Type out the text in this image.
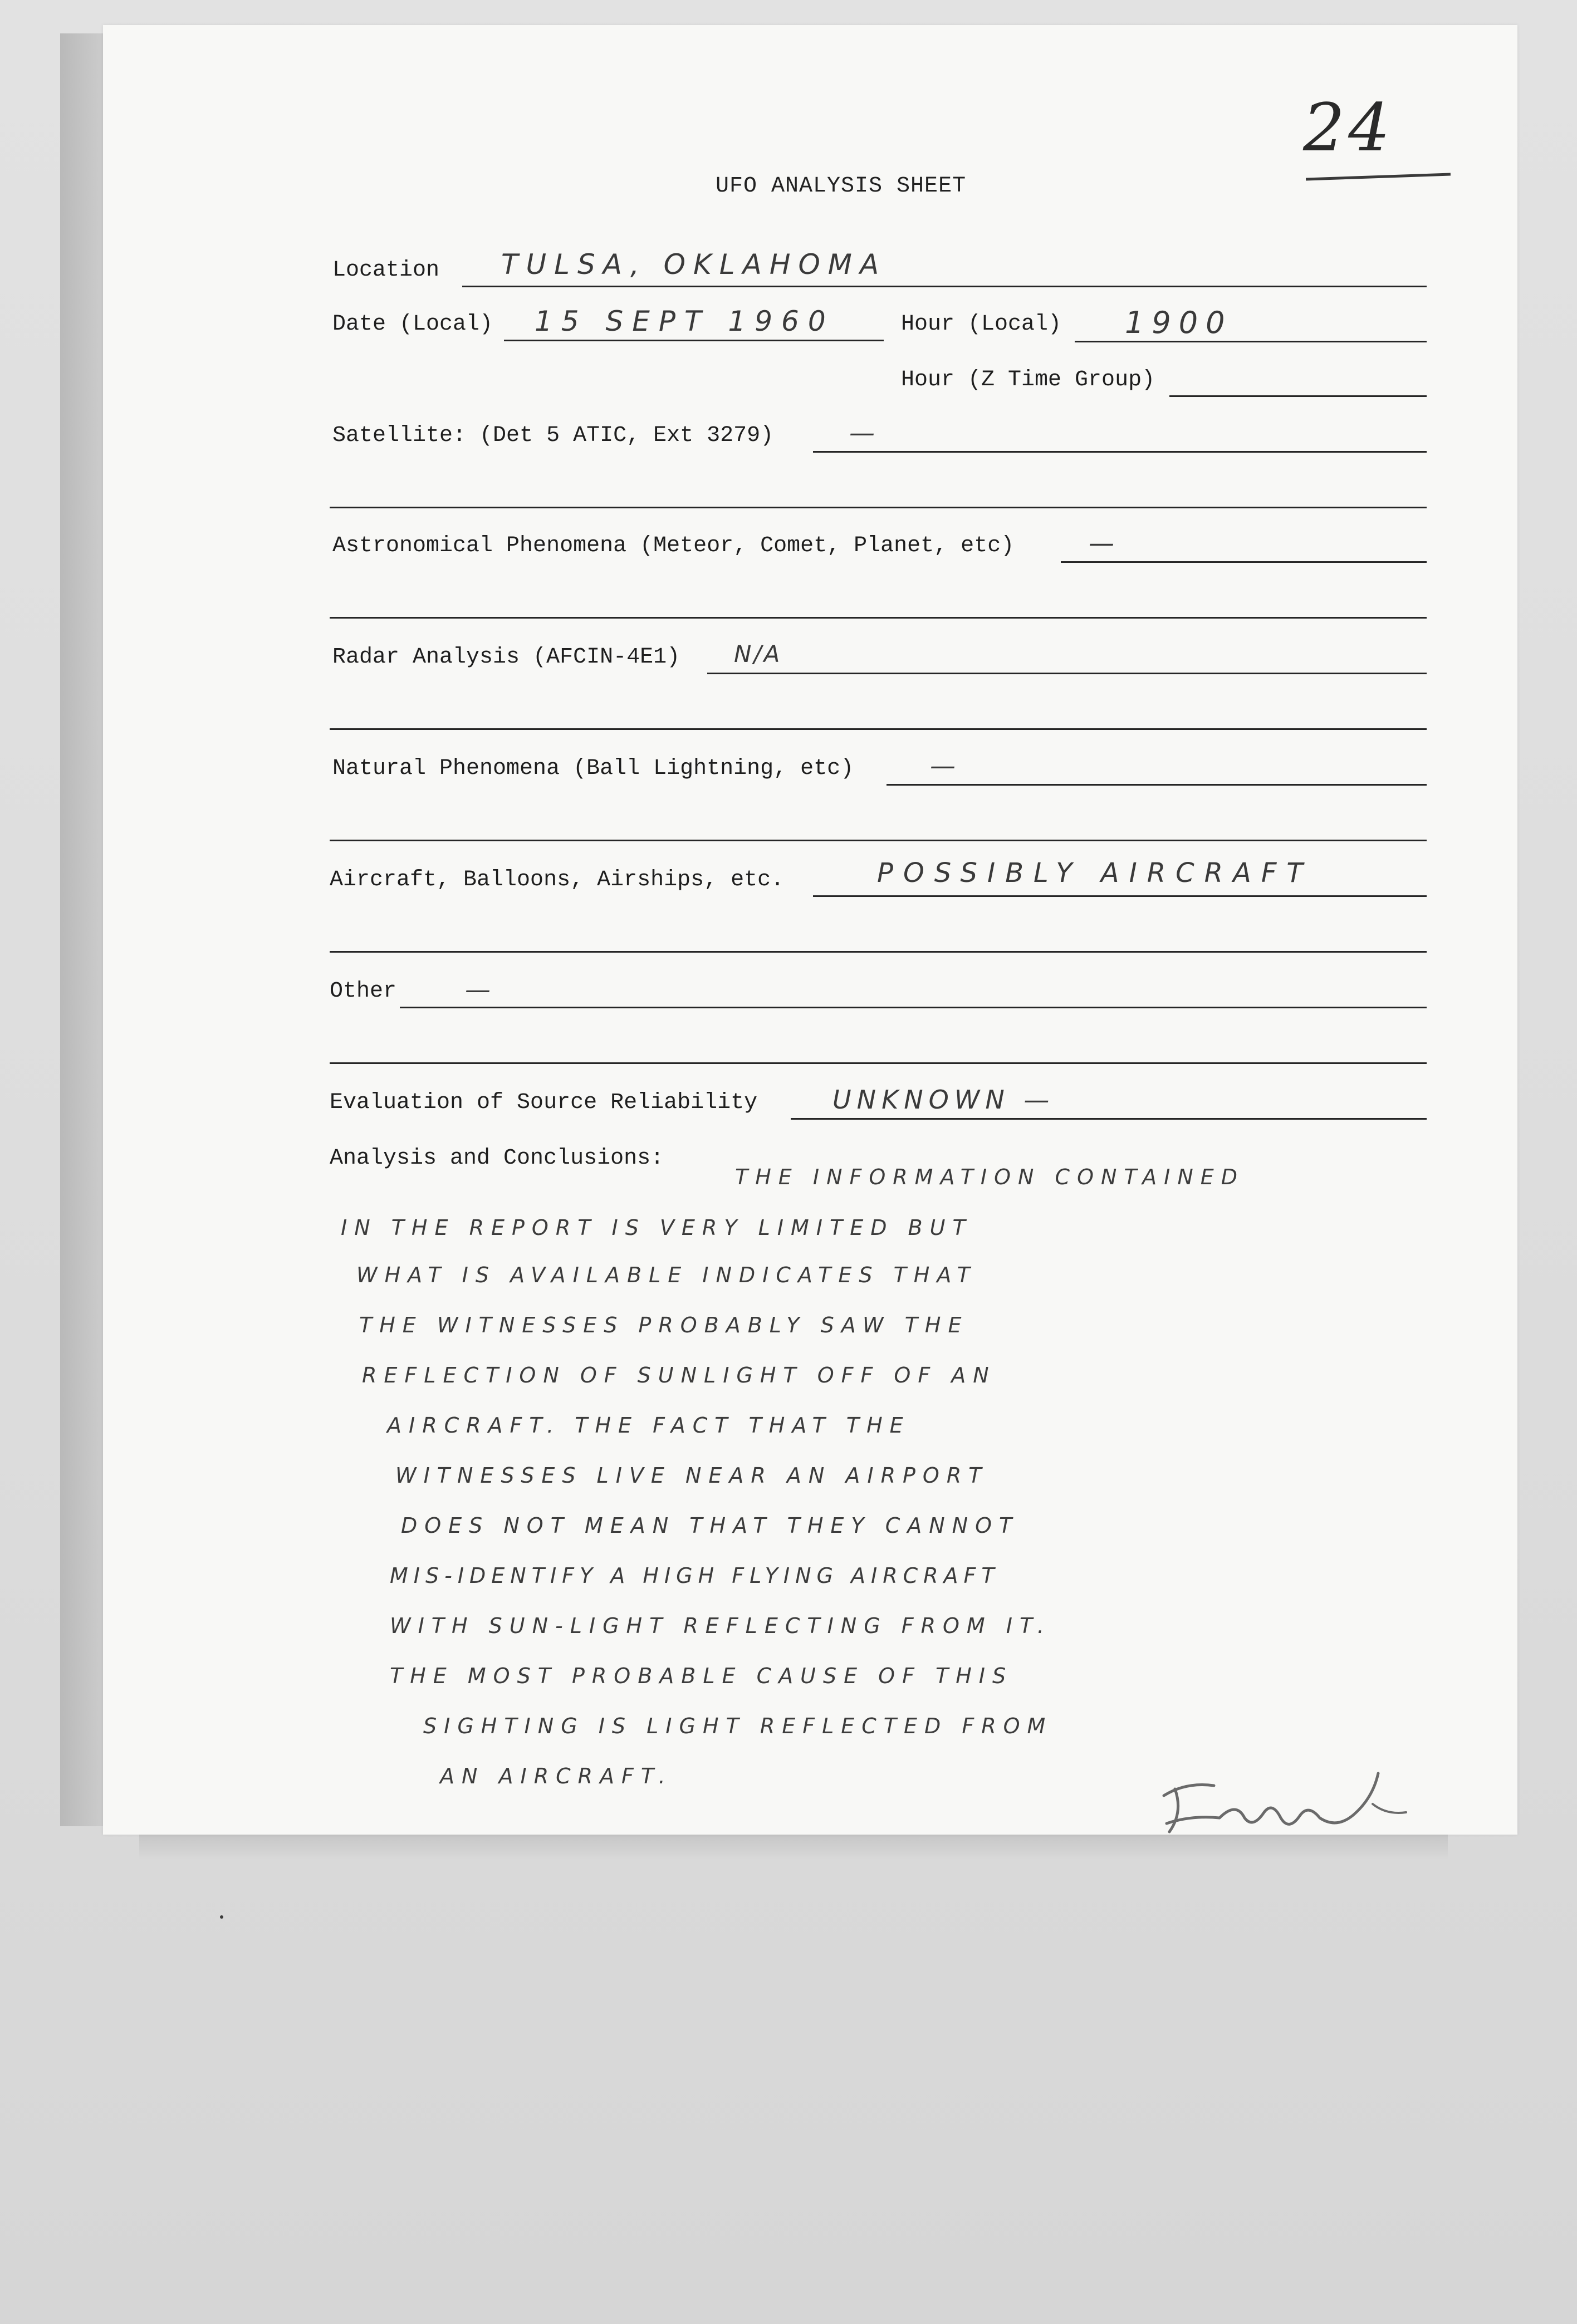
24
UFO ANALYSIS SHEET
Location TULSA, OKLAHOMA
Date (Local) 15 SEPT 1960	Hour (Local) 1900
Hour (Z Time Group)
Satellite: (Det 5 ATIC, Ext 3279)	—
Astronomical Phenomena (Meteor, Comet, Planet, etc)	—
Radar Analysis (AFCIN-4E1) N/A
Natural Phenomena (Ball Lightning, etc)	—
Aircraft, Balloons, Airships, etc.	POSSIBLY AIRCRAFT
Other	—
Evaluation of Source Reliability	UNKNOWN —
Analysis and Conclusions:
THE INFORMATION CONTAINED
IN THE REPORT IS VERY LIMITED BUT
WHAT IS AVAILABLE INDICATES THAT
THE WITNESSES PROBABLY SAW THE
REFLECTION OF SUNLIGHT OFF OF AN
AIRCRAFT. THE FACT THAT THE
WITNESSES LIVE NEAR AN AIRPORT
DOES NOT MEAN THAT THEY CANNOT
MIS-IDENTIFY A HIGH FLYING AIRCRAFT
WITH SUN-LIGHT REFLECTING FROM IT.
THE MOST PROBABLE CAUSE OF THIS
SIGHTING IS LIGHT REFLECTED FROM
AN AIRCRAFT.
